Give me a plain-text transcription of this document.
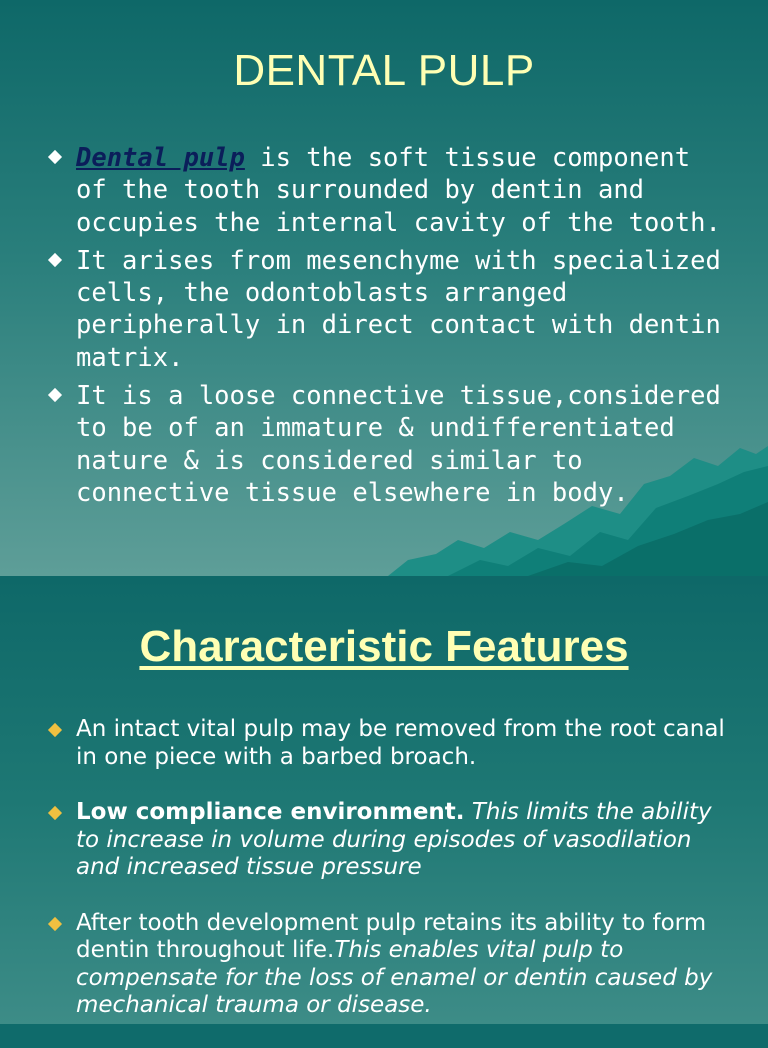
DENTAL PULP
Dental pulp is the soft tissue component of the tooth surrounded by dentin and occupies the internal cavity of the tooth.
It arises from mesenchyme with specialized cells, the odontoblasts arranged peripherally in direct contact with dentin matrix.
It is a loose connective tissue,considered to be of an immature & undifferentiated nature & is considered similar to connective tissue elsewhere in body.
Characteristic Features
An intact vital pulp may be removed from the root canal in one piece with a barbed broach.
Low compliance environment. This limits the ability to increase in volume during episodes of vasodilation and increased tissue pressure
After tooth development pulp retains its ability to form dentin throughout life.This enables vital pulp to compensate for the loss of enamel or dentin caused by mechanical trauma or disease.
